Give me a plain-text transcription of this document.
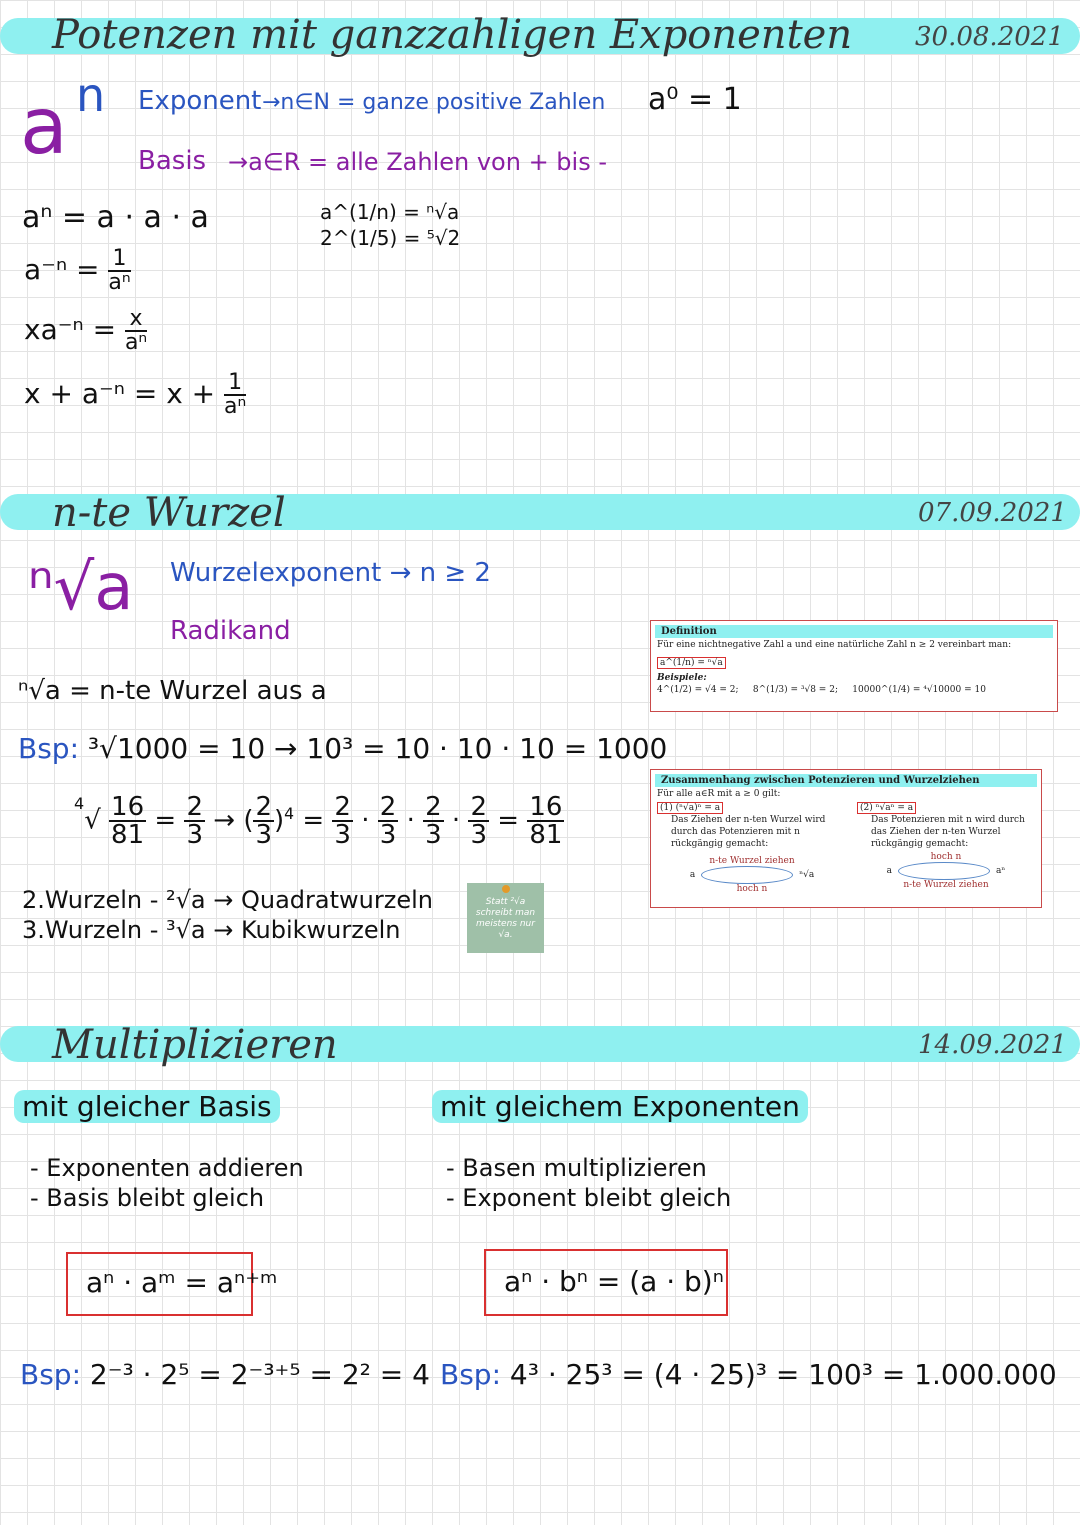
Potenzen mit ganzzahligen Exponenten 30.08.2021
a n Exponent →n∈N = ganze positive Zahlen a⁰ = 1
Basis →a∈R = alle Zahlen von + bis -
aⁿ = a · a · a	a^(1/n) = ⁿ√a
2^(1/5) = ⁵√2
$a^{-n} = \frac{1}{\text{aⁿ}}$
$xa^{-n} = \frac{x}{\text{aⁿ}}$
$x + a^{-n} = x + \frac{1}{\text{aⁿ}}$
n-te Wurzel	07.09.2021
ⁿ√a Wurzelexponent → n ≥ 2
Radikand
ⁿ√a = n-te Wurzel aus a
Bsp: ³√1000 = 10 → 10³ = 10 · 10 · 10 = 1000
$^4√ \frac{16}{81} = \frac{2}{3}$ → ( $\frac{2}{3} )^4 = \frac{2}{3} \cdot \frac{2}{3} \cdot \frac{2}{3} \cdot \frac{2}{3} = \frac{16}{81}$
2.Wurzeln - ²√a → Quadratwurzeln
3.Wurzeln - ³√a → Kubikwurzeln
Statt ²√a schreibt man meistens nur √a.
Definition
Für eine nichtnegative Zahl a und eine natürliche Zahl n ≥ 2 vereinbart man:
a^(1/n) = ⁿ√a
Beispiele:
4^(1/2) = √4 = 2; 8^(1/3) = ³√8 = 2; 10000^(1/4) = ⁴√10000 = 10
Zusammenhang zwischen Potenzieren und Wurzelziehen
Für alle a∈R mit a ≥ 0 gilt:
(1) (ⁿ√a)ⁿ = a
Das Ziehen der n-ten Wurzel wird durch das Potenzieren mit n rückgängig gemacht:
n-te Wurzel ziehen
a	ⁿ√a
hoch n
(2) ⁿ√aⁿ = a
Das Potenzieren mit n wird durch das Ziehen der n-ten Wurzel rückgängig gemacht:
hoch n
a	aⁿ
n-te Wurzel ziehen
Multiplizieren	14.09.2021
mit gleicher Basis
- Exponenten addieren
- Basis bleibt gleich
aⁿ · aᵐ = aⁿ⁺ᵐ
Bsp: 2⁻³ · 2⁵ = 2⁻³⁺⁵ = 2² = 4
mit gleichem Exponenten
- Basen multiplizieren
- Exponent bleibt gleich
aⁿ · bⁿ = (a · b)ⁿ
Bsp: 4³ · 25³ = (4 · 25)³ = 100³ = 1.000.000
